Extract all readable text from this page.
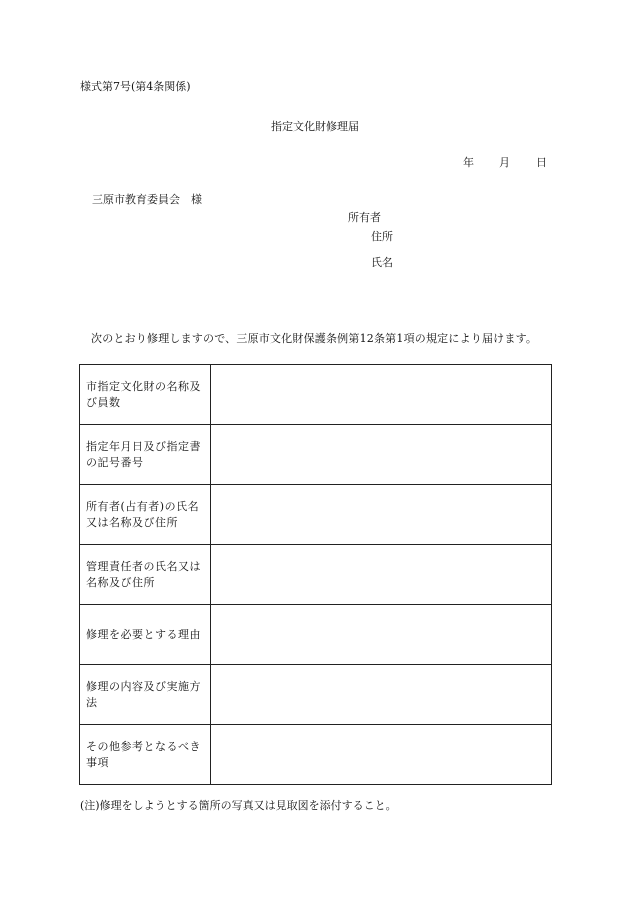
様式第7号(第4条関係)
指定文化財修理届
年 月 日
三原市教育委員会　様
所有者
住所
氏名
次のとおり修理しますので、三原市文化財保護条例第12条第1項の規定により届けます。
市指定文化財の名称及び員数	
指定年月日及び指定書の記号番号	
所有者(占有者)の氏名又は名称及び住所	
管理責任者の氏名又は名称及び住所	
修理を必要とする理由	
修理の内容及び実施方法	
その他参考となるべき事項	
(注)修理をしようとする箇所の写真又は見取図を添付すること。
